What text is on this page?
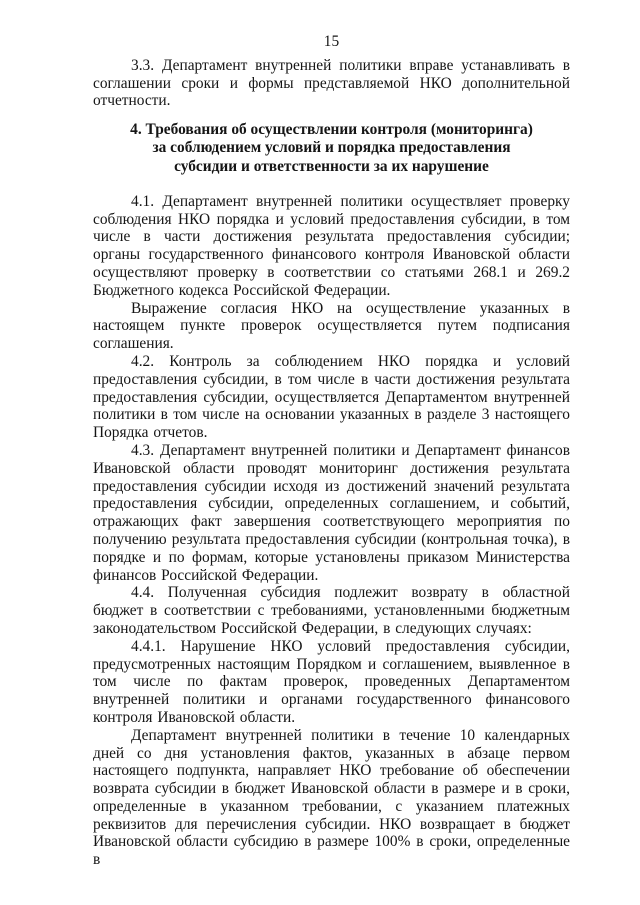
15

3.3. Департамент внутренней политики вправе устанавливать в соглашении сроки и формы представляемой НКО дополнительной отчетности.

4. Требования об осуществлении контроля (мониторинга)
за соблюдением условий и порядка предоставления
субсидии и ответственности за их нарушение

4.1. Департамент внутренней политики осуществляет проверку соблюдения НКО порядка и условий предоставления субсидии, в том числе в части достижения результата предоставления субсидии; органы государственного финансового контроля Ивановской области осуществляют проверку в соответствии со статьями 268.1 и 269.2 Бюджетного кодекса Российской Федерации.

Выражение согласия НКО на осуществление указанных в настоящем пункте проверок осуществляется путем подписания соглашения.

4.2. Контроль за соблюдением НКО порядка и условий предоставления субсидии, в том числе в части достижения результата предоставления субсидии, осуществляется Департаментом внутренней политики в том числе на основании указанных в разделе 3 настоящего Порядка отчетов.

4.3. Департамент внутренней политики и Департамент финансов Ивановской области проводят мониторинг достижения результата предоставления субсидии исходя из достижений значений результата предоставления субсидии, определенных соглашением, и событий, отражающих факт завершения соответствующего мероприятия по получению результата предоставления субсидии (контрольная точка), в порядке и по формам, которые установлены приказом Министерства финансов Российской Федерации.

4.4. Полученная субсидия подлежит возврату в областной бюджет в соответствии с требованиями, установленными бюджетным законодательством Российской Федерации, в следующих случаях:

4.4.1. Нарушение НКО условий предоставления субсидии, предусмотренных настоящим Порядком и соглашением, выявленное в том числе по фактам проверок, проведенных Департаментом внутренней политики и органами государственного финансового контроля Ивановской области.

Департамент внутренней политики в течение 10 календарных дней со дня установления фактов, указанных в абзаце первом настоящего подпункта, направляет НКО требование об обеспечении возврата субсидии в бюджет Ивановской области в размере и в сроки, определенные в указанном требовании, с указанием платежных реквизитов для перечисления субсидии. НКО возвращает в бюджет Ивановской области субсидию в размере 100% в сроки, определенные в
